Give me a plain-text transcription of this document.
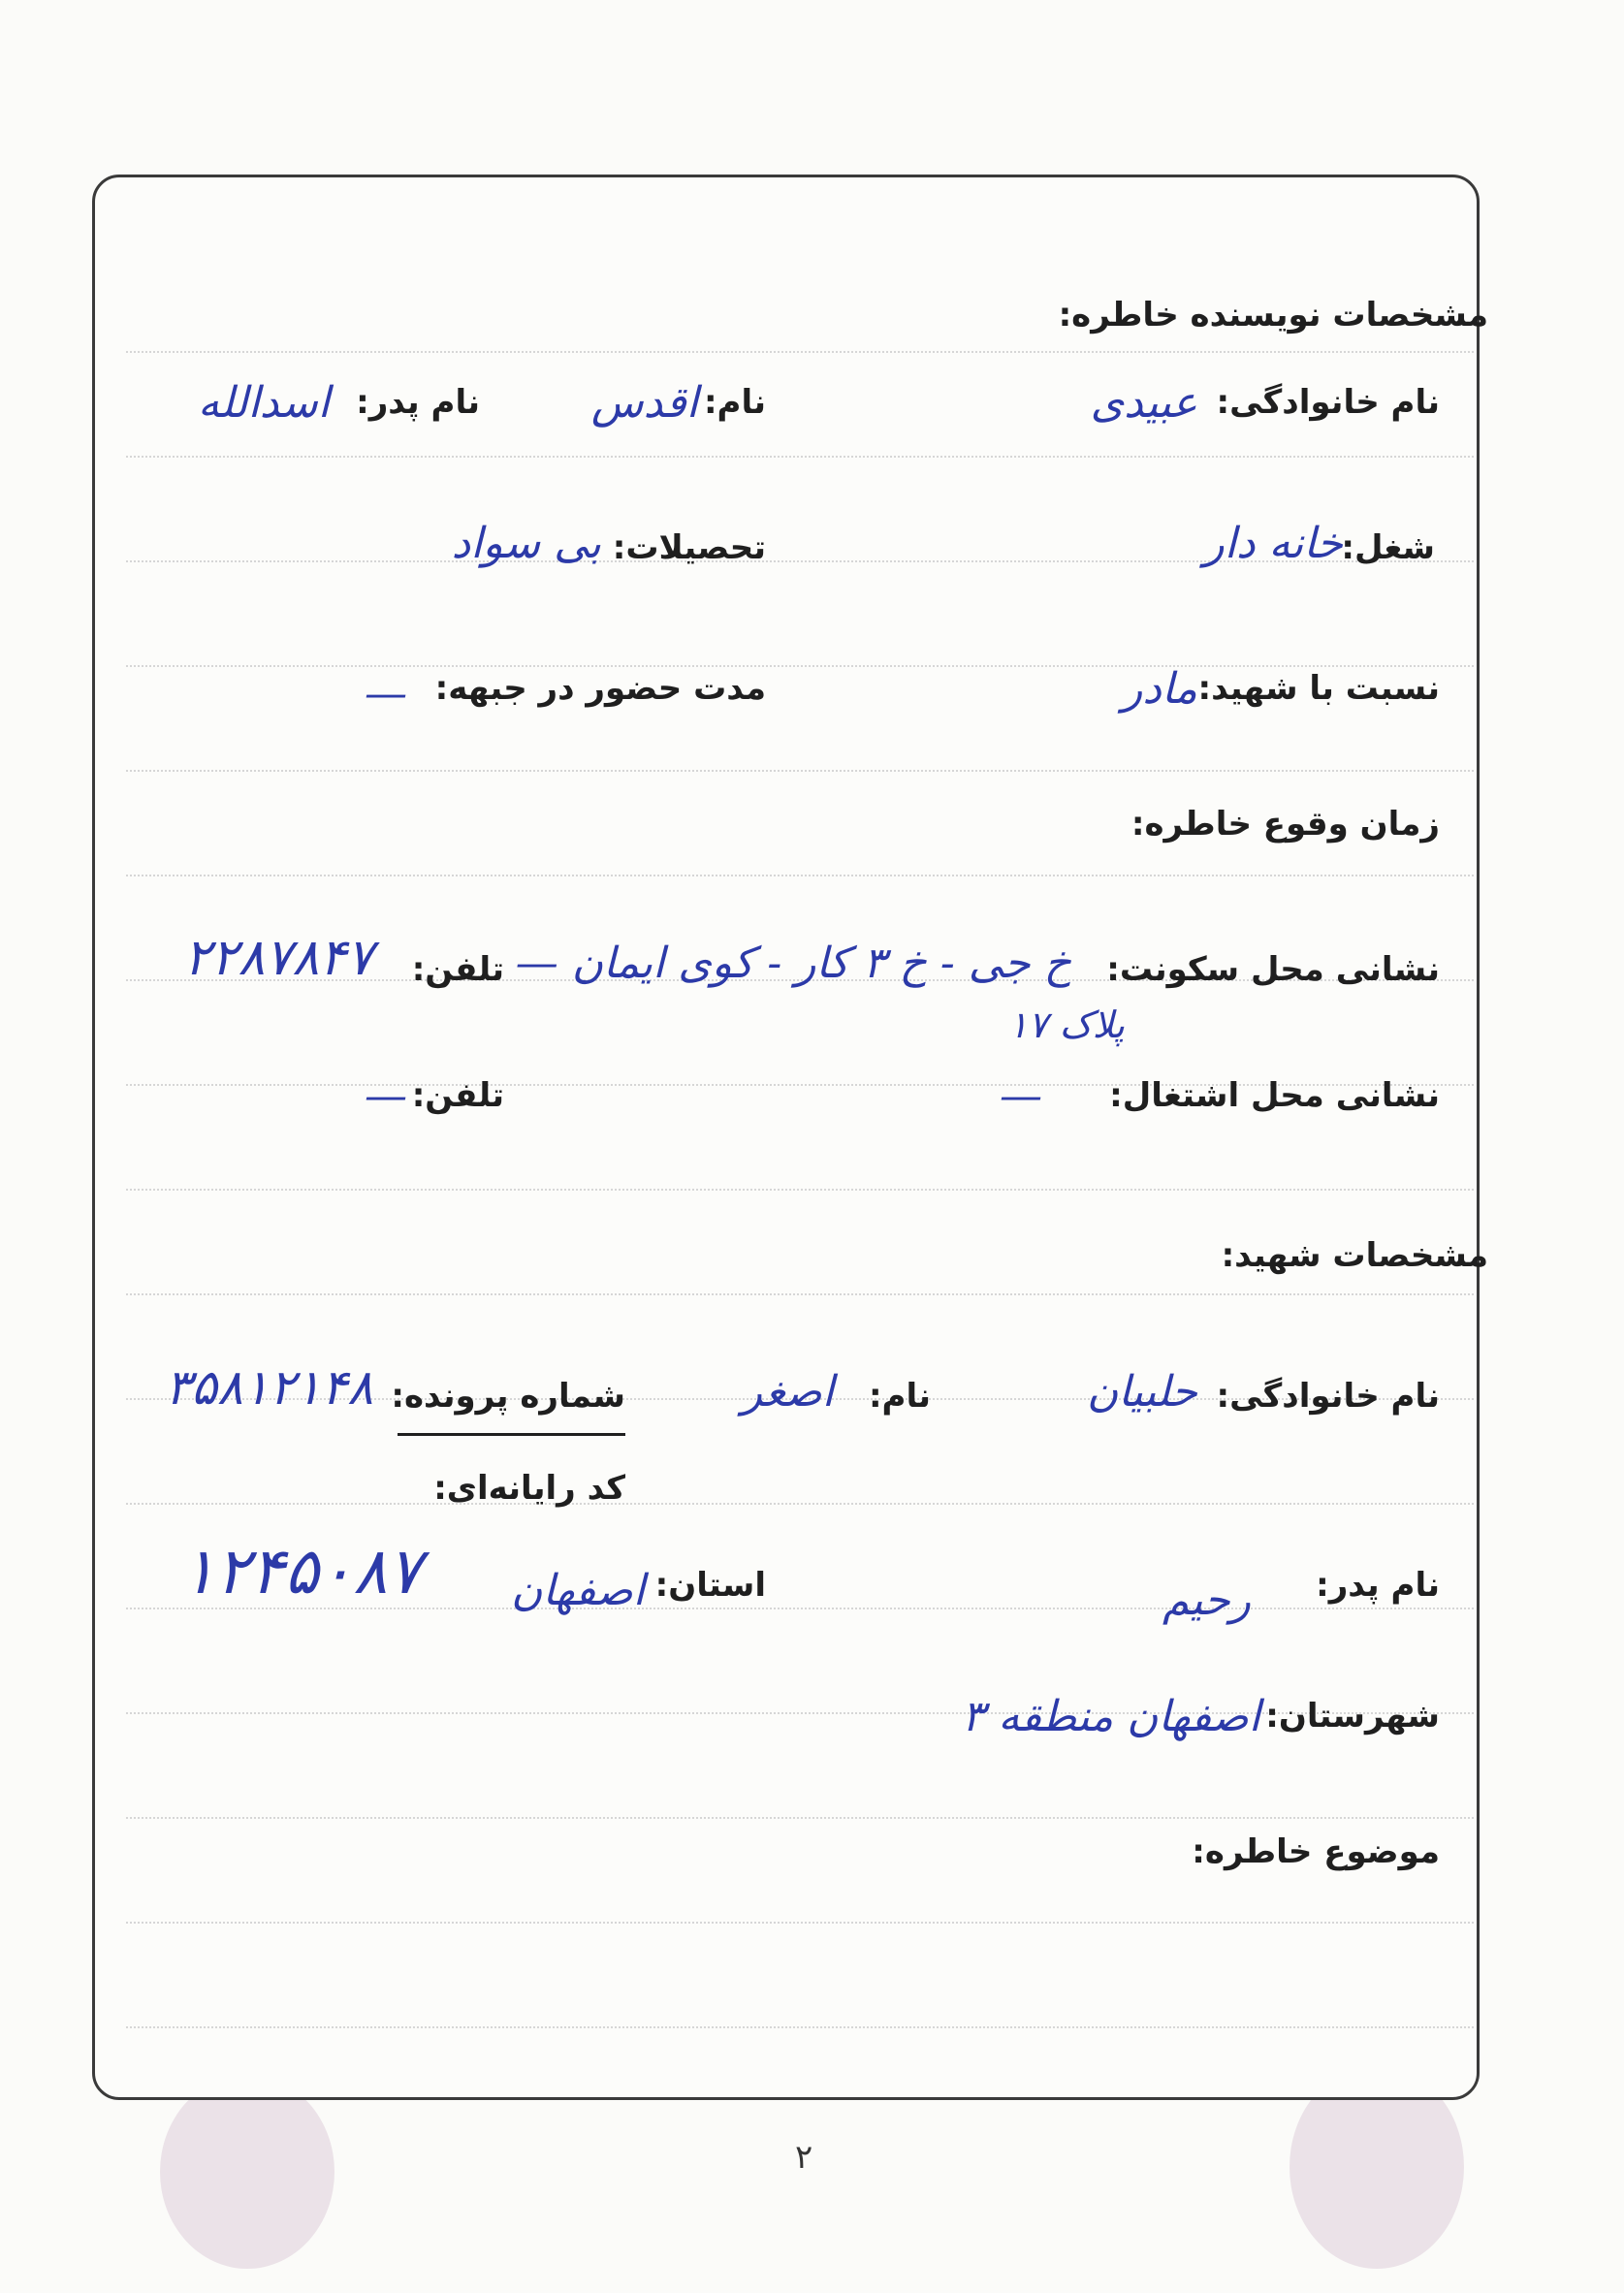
مشخصات نویسنده خاطره:
نام خانوادگی:
عبیدی
نام:
اقدس
نام پدر:
اسدالله
شغل:
خانه دار
تحصیلات:
بی سواد
نسبت با شهید:
مادر
مدت حضور در جبهه:
—
زمان وقوع خاطره:
نشانی محل سکونت:
خ جی - خ ۳ کار - کوی ایمان —
پلاک ۱۷
تلفن:
۲۲۸۷۸۴۷
نشانی محل اشتغال:
—
تلفن:
—
مشخصات شهید:
نام خانوادگی:
حلبیان
نام:
اصغر
شماره پرونده:
۳۵۸۱۲۱۴۸
کد رایانه‌ای:
نام پدر:
رحیم
استان:
اصفهان
۱۲۴۵۰۸۷
شهرستان:
اصفهان منطقه ۳
موضوع خاطره:
۲
